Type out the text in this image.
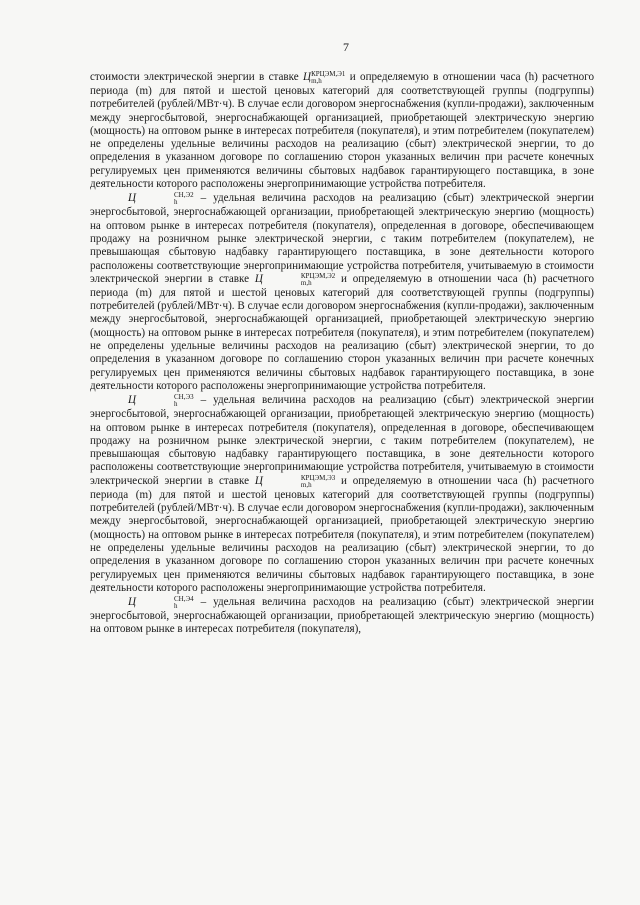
7

стоимости электрической энергии в ставке Ц КРЦЭМ,Э1
m,h	и определяемую в отношении часа (h) расчетного периода (m) для пятой и шестой ценовых категорий для соответствующей группы (подгруппы) потребителей (рублей/МВт·ч). В случае если договором энергоснабжения (купли-продажи), заключенным между энергосбытовой, энергоснабжающей организацией, приобретающей электрическую энергию (мощность) на оптовом рынке в интересах потребителя (покупателя), и этим потребителем (покупателем) не определены удельные величины расходов на реализацию (сбыт) электрической энергии, то до определения в указанном договоре по соглашению сторон указанных величин при расчете конечных регулируемых цен применяются величины сбытовых надбавок гарантирующего поставщика, в зоне деятельности которого расположены энергопринимающие устройства потребителя.

Ц	СН,Э2
h	– удельная величина расходов на реализацию (сбыт) электрической энергии энергосбытовой, энергоснабжающей организации, приобретающей электрическую энергию (мощность) на оптовом рынке в интересах потребителя (покупателя), определенная в договоре, обеспечивающем продажу на розничном рынке электрической энергии, с таким потребителем (покупателем), не превышающая сбытовую надбавку гарантирующего поставщика, в зоне деятельности которого расположены соответствующие энергопринимающие устройства потребителя, учитываемую в стоимости электрической энергии в ставке Ц	КРЦЭМ,Э2
m,h	и определяемую в отношении часа (h) расчетного периода (m) для пятой и шестой ценовых категорий для соответствующей группы (подгруппы) потребителей (рублей/МВт·ч). В случае если договором энергоснабжения (купли-продажи), заключенным между энергосбытовой, энергоснабжающей организацией, приобретающей электрическую энергию (мощность) на оптовом рынке в интересах потребителя (покупателя), и этим потребителем (покупателем) не определены удельные величины расходов на реализацию (сбыт) электрической энергии, то до определения в указанном договоре по соглашению сторон указанных величин при расчете конечных регулируемых цен применяются величины сбытовых надбавок гарантирующего поставщика, в зоне деятельности которого расположены энергопринимающие устройства потребителя.

Ц	СН,Э3
h	– удельная величина расходов на реализацию (сбыт) электрической энергии энергосбытовой, энергоснабжающей организации, приобретающей электрическую энергию (мощность) на оптовом рынке в интересах потребителя (покупателя), определенная в договоре, обеспечивающем продажу на розничном рынке электрической энергии, с таким потребителем (покупателем), не превышающая сбытовую надбавку гарантирующего поставщика, в зоне деятельности которого расположены соответствующие энергопринимающие устройства потребителя, учитываемую в стоимости электрической энергии в ставке Ц	КРЦЭМ,Э3
m,h	и определяемую в отношении часа (h) расчетного периода (m) для пятой и шестой ценовых категорий для соответствующей группы (подгруппы) потребителей (рублей/МВт·ч). В случае если договором энергоснабжения (купли-продажи), заключенным между энергосбытовой, энергоснабжающей организацией, приобретающей электрическую энергию (мощность) на оптовом рынке в интересах потребителя (покупателя), и этим потребителем (покупателем) не определены удельные величины расходов на реализацию (сбыт) электрической энергии, то до определения в указанном договоре по соглашению сторон указанных величин при расчете конечных регулируемых цен применяются величины сбытовых надбавок гарантирующего поставщика, в зоне деятельности которого расположены энергопринимающие устройства потребителя.

Ц	СН,Э4
h	– удельная величина расходов на реализацию (сбыт) электрической энергии энергосбытовой, энергоснабжающей организации, приобретающей электрическую энергию (мощность) на оптовом рынке в интересах потребителя (покупателя),
